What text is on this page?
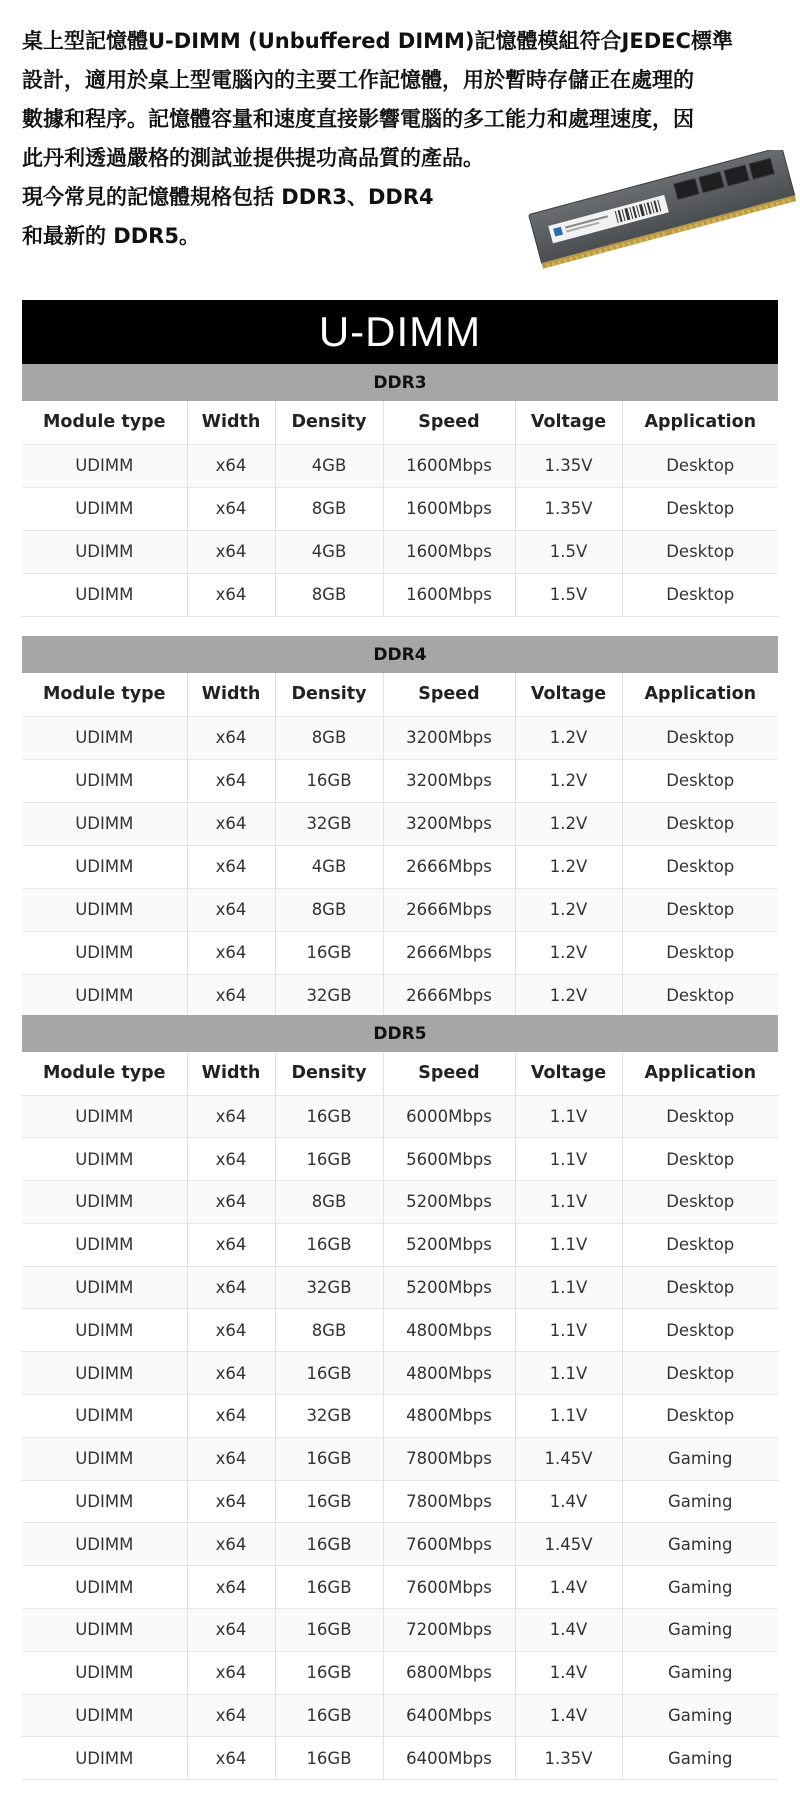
桌上型記憶體U-DIMM (Unbuffered DIMM)記憶體模組符合JEDEC標準
設計，適用於桌上型電腦內的主要工作記憶體，用於暫時存儲正在處理的
數據和程序。記憶體容量和速度直接影響電腦的多工能力和處理速度，因
此丹利透過嚴格的測試並提供提功高品質的產品。
現今常見的記憶體規格包括 DDR3、DDR4
和最新的 DDR5。
U-DIMM
DDR3					
Module type	Width	Density	Speed	Voltage	Application
UDIMM	x64	4GB	1600Mbps	1.35V	Desktop
UDIMM	x64	8GB	1600Mbps	1.35V	Desktop
UDIMM	x64	4GB	1600Mbps	1.5V	Desktop
UDIMM	x64	8GB	1600Mbps	1.5V	Desktop
DDR4					
Module type	Width	Density	Speed	Voltage	Application
UDIMM	x64	8GB	3200Mbps	1.2V	Desktop
UDIMM	x64	16GB	3200Mbps	1.2V	Desktop
UDIMM	x64	32GB	3200Mbps	1.2V	Desktop
UDIMM	x64	4GB	2666Mbps	1.2V	Desktop
UDIMM	x64	8GB	2666Mbps	1.2V	Desktop
UDIMM	x64	16GB	2666Mbps	1.2V	Desktop
UDIMM	x64	32GB	2666Mbps	1.2V	Desktop
DDR5					
Module type	Width	Density	Speed	Voltage	Application
UDIMM	x64	16GB	6000Mbps	1.1V	Desktop
UDIMM	x64	16GB	5600Mbps	1.1V	Desktop
UDIMM	x64	8GB	5200Mbps	1.1V	Desktop
UDIMM	x64	16GB	5200Mbps	1.1V	Desktop
UDIMM	x64	32GB	5200Mbps	1.1V	Desktop
UDIMM	x64	8GB	4800Mbps	1.1V	Desktop
UDIMM	x64	16GB	4800Mbps	1.1V	Desktop
UDIMM	x64	32GB	4800Mbps	1.1V	Desktop
UDIMM	x64	16GB	7800Mbps	1.45V	Gaming
UDIMM	x64	16GB	7800Mbps	1.4V	Gaming
UDIMM	x64	16GB	7600Mbps	1.45V	Gaming
UDIMM	x64	16GB	7600Mbps	1.4V	Gaming
UDIMM	x64	16GB	7200Mbps	1.4V	Gaming
UDIMM	x64	16GB	6800Mbps	1.4V	Gaming
UDIMM	x64	16GB	6400Mbps	1.4V	Gaming
UDIMM	x64	16GB	6400Mbps	1.35V	Gaming
